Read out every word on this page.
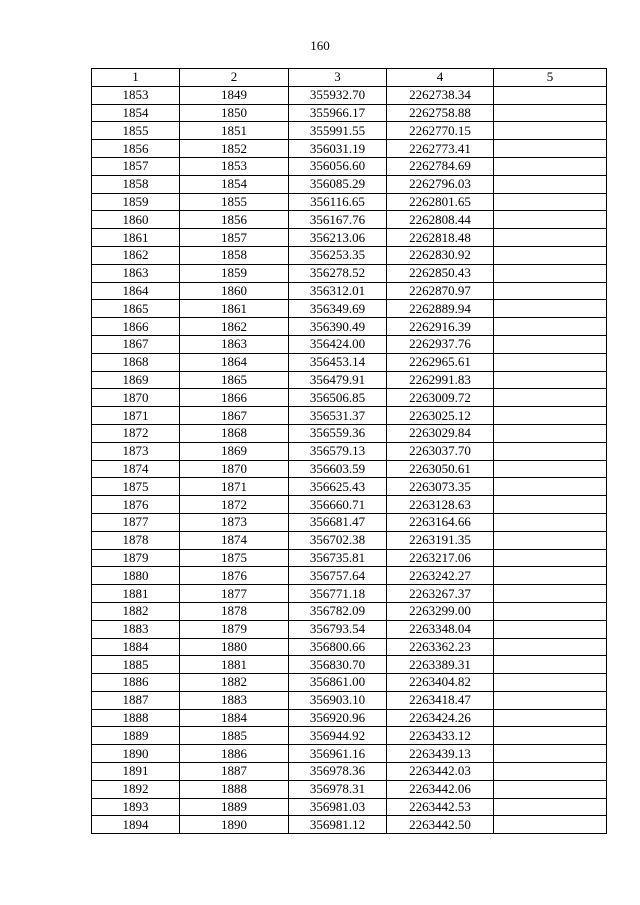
160
1	2	3	4	5
1853	1849	355932.70	2262738.34	
1854	1850	355966.17	2262758.88	
1855	1851	355991.55	2262770.15	
1856	1852	356031.19	2262773.41	
1857	1853	356056.60	2262784.69	
1858	1854	356085.29	2262796.03	
1859	1855	356116.65	2262801.65	
1860	1856	356167.76	2262808.44	
1861	1857	356213.06	2262818.48	
1862	1858	356253.35	2262830.92	
1863	1859	356278.52	2262850.43	
1864	1860	356312.01	2262870.97	
1865	1861	356349.69	2262889.94	
1866	1862	356390.49	2262916.39	
1867	1863	356424.00	2262937.76	
1868	1864	356453.14	2262965.61	
1869	1865	356479.91	2262991.83	
1870	1866	356506.85	2263009.72	
1871	1867	356531.37	2263025.12	
1872	1868	356559.36	2263029.84	
1873	1869	356579.13	2263037.70	
1874	1870	356603.59	2263050.61	
1875	1871	356625.43	2263073.35	
1876	1872	356660.71	2263128.63	
1877	1873	356681.47	2263164.66	
1878	1874	356702.38	2263191.35	
1879	1875	356735.81	2263217.06	
1880	1876	356757.64	2263242.27	
1881	1877	356771.18	2263267.37	
1882	1878	356782.09	2263299.00	
1883	1879	356793.54	2263348.04	
1884	1880	356800.66	2263362.23	
1885	1881	356830.70	2263389.31	
1886	1882	356861.00	2263404.82	
1887	1883	356903.10	2263418.47	
1888	1884	356920.96	2263424.26	
1889	1885	356944.92	2263433.12	
1890	1886	356961.16	2263439.13	
1891	1887	356978.36	2263442.03	
1892	1888	356978.31	2263442.06	
1893	1889	356981.03	2263442.53	
1894	1890	356981.12	2263442.50	
